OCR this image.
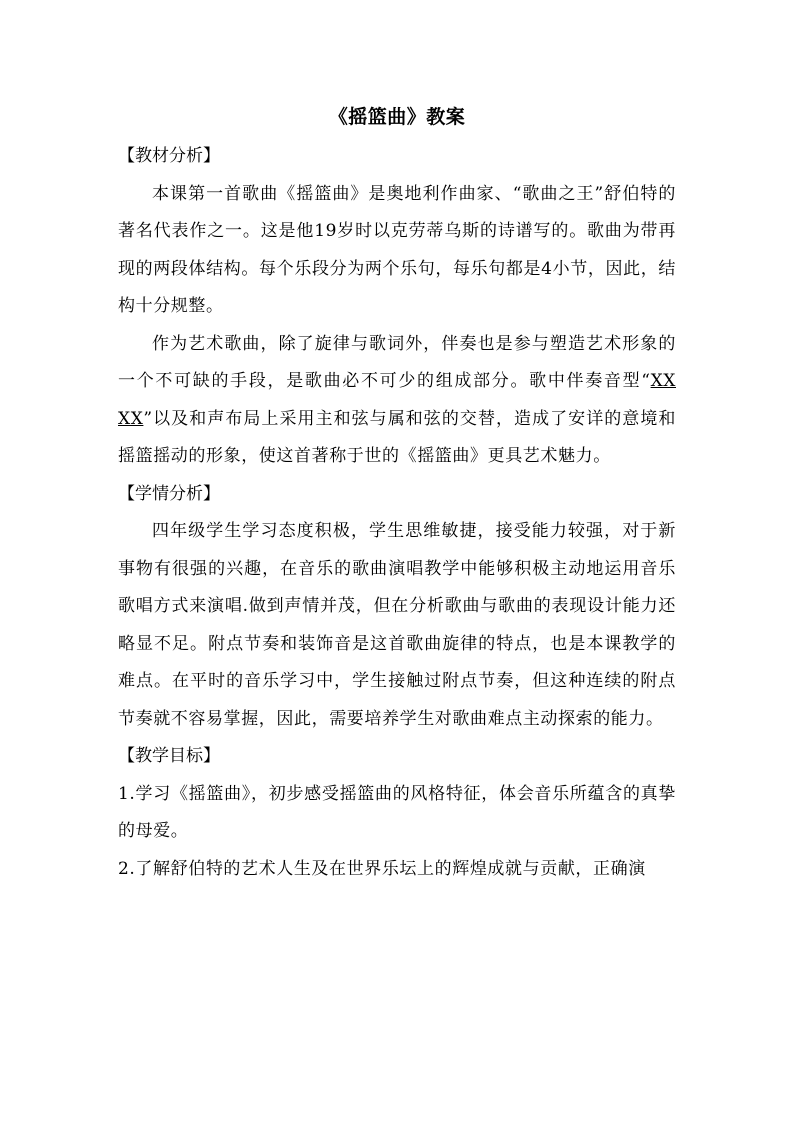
《摇篮曲》教案

【教材分析】

本课第一首歌曲《摇篮曲》是奥地利作曲家、“歌曲之王”舒伯特的著名代表作之一。这是他19岁时以克劳蒂乌斯的诗谱写的。歌曲为带再现的两段体结构。每个乐段分为两个乐句，每乐句都是4小节，因此，结构十分规整。

作为艺术歌曲，除了旋律与歌词外，伴奏也是参与塑造艺术形象的一个不可缺的手段，是歌曲必不可少的组成部分。歌中伴奏音型“XX XX”以及和声布局上采用主和弦与属和弦的交替，造成了安详的意境和摇篮摇动的形象，使这首著称于世的《摇篮曲》更具艺术魅力。

【学情分析】

四年级学生学习态度积极，学生思维敏捷，接受能力较强，对于新事物有很强的兴趣，在音乐的歌曲演唱教学中能够积极主动地运用音乐歌唱方式来演唱.做到声情并茂，但在分析歌曲与歌曲的表现设计能力还略显不足。附点节奏和装饰音是这首歌曲旋律的特点，也是本课教学的难点。在平时的音乐学习中，学生接触过附点节奏，但这种连续的附点节奏就不容易掌握，因此，需要培养学生对歌曲难点主动探索的能力。

【教学目标】

1.学习《摇篮曲》，初步感受摇篮曲的风格特征，体会音乐所蕴含的真挚的母爱。

2.了解舒伯特的艺术人生及在世界乐坛上的辉煌成就与贡献，正确演
